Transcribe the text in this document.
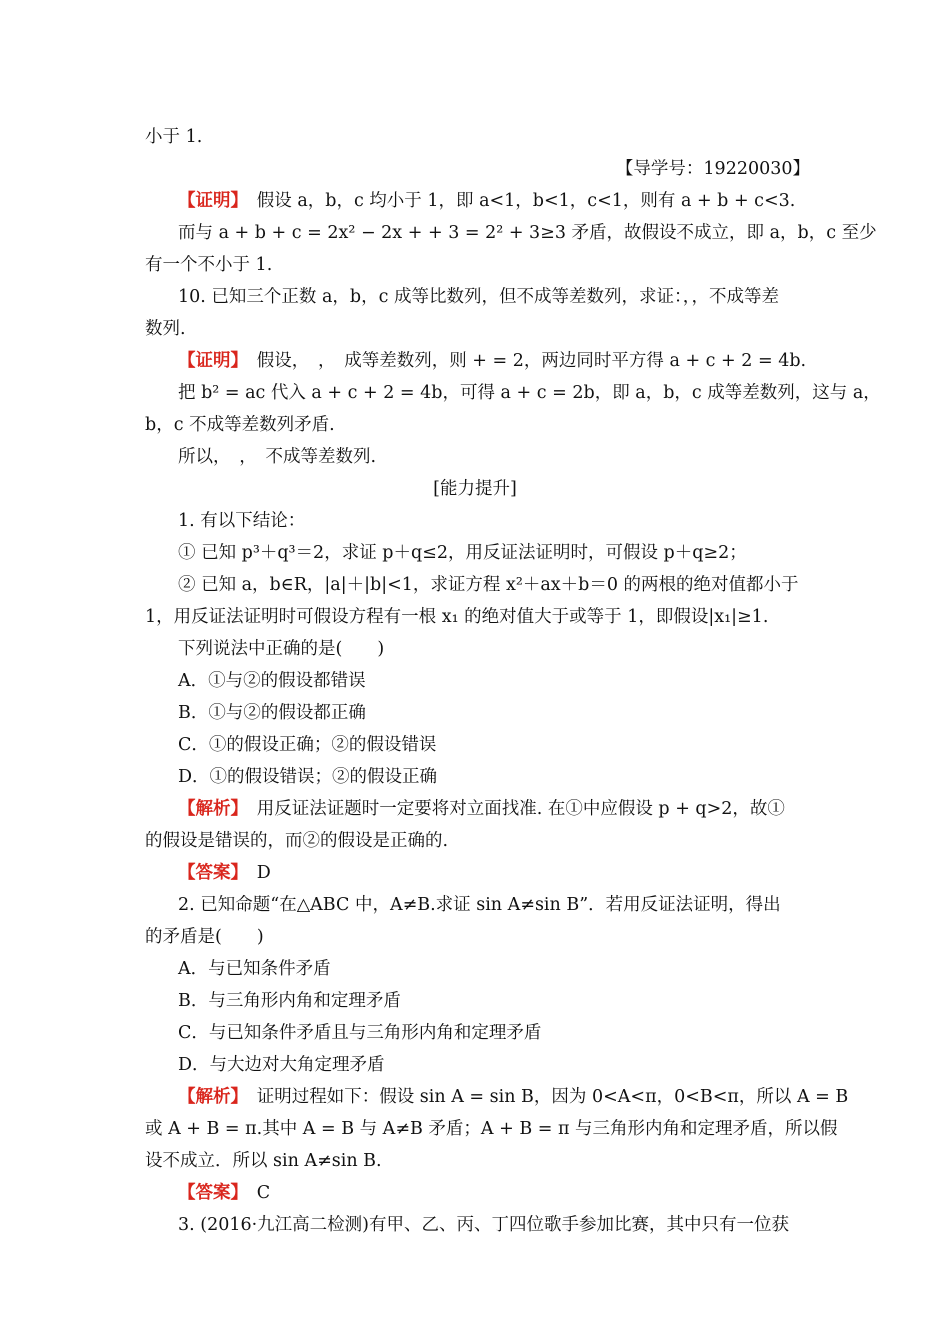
小于 1.
【导学号：19220030】
【证明】　假设 a，b，c 均小于 1，即 a<1，b<1，c<1，则有 a + b + c<3.
而与 a + b + c = 2x² − 2x + + 3 = 2² + 3≥3 矛盾，故假设不成立，即 a，b，c 至少
有一个不小于 1.
10. 已知三个正数 a，b，c 成等比数列，但不成等差数列，求证：，，不成等差
数列.
【证明】　假设，　，　成等差数列，则 + = 2，两边同时平方得 a + c + 2 = 4b.
把 b² = ac 代入 a + c + 2 = 4b，可得 a + c = 2b，即 a，b，c 成等差数列，这与 a，
b，c 不成等差数列矛盾.
所以，　，　不成等差数列.
[能力提升]
1. 有以下结论：
① 已知 p³＋q³＝2，求证 p＋q≤2，用反证法证明时，可假设 p＋q≥2；
② 已知 a，b∈R，|a|＋|b|<1，求证方程 x²＋ax＋b＝0 的两根的绝对值都小于
1，用反证法证明时可假设方程有一根 x₁ 的绝对值大于或等于 1，即假设|x₁|≥1.
下列说法中正确的是(　　)
A．①与②的假设都错误
B．①与②的假设都正确
C．①的假设正确；②的假设错误
D．①的假设错误；②的假设正确
【解析】　用反证法证题时一定要将对立面找准. 在①中应假设 p + q>2，故①
的假设是错误的，而②的假设是正确的.
【答案】　D
2. 已知命题“在△ABC 中，A≠B.求证 sin A≠sin B”．若用反证法证明，得出
的矛盾是(　　)
A．与已知条件矛盾
B．与三角形内角和定理矛盾
C．与已知条件矛盾且与三角形内角和定理矛盾
D．与大边对大角定理矛盾
【解析】　证明过程如下：假设 sin A = sin B，因为 0<A<π，0<B<π，所以 A = B
或 A + B = π.其中 A = B 与 A≠B 矛盾；A + B = π 与三角形内角和定理矛盾，所以假
设不成立．所以 sin A≠sin B.
【答案】　C
3. (2016·九江高二检测)有甲、乙、丙、丁四位歌手参加比赛，其中只有一位获
